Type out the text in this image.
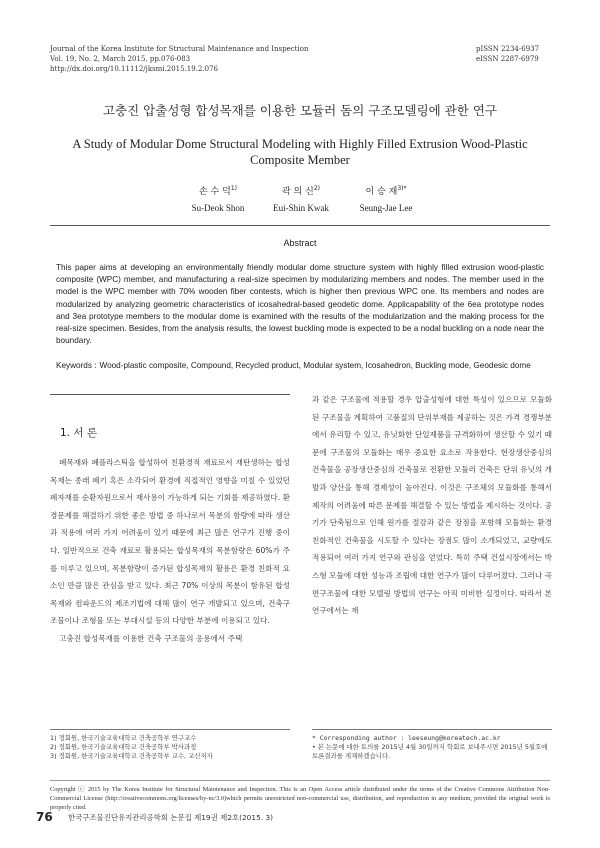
Journal of the Korea Institute for Structural Maintenance and Inspection
Vol. 19, No. 2, March 2015, pp.076-083
http://dx.doi.org/10.11112/jksmi.2015.19.2.076
pISSN 2234-6937
eISSN 2287-6979
고충진 압출성형 합성목재를 이용한 모듈러 돔의 구조모델링에 관한 연구
A Study of Modular Dome Structural Modeling with Highly Filled Extrusion Wood-Plastic Composite Member
손 수 덕$^{1)}$
Su-Deok Shon
곽 의 신$^{2)}$
Eui-Shin Kwak
이 승 재$^{3)*}$
Seung-Jae Lee
Abstract
This paper aims at developing an environmentally friendly modular dome structure system with highly filled extrusion wood-plastic composite (WPC) member, and manufacturing a real-size specimen by modularizing members and nodes. The member used in the model is the WPC member with 70% wooden fiber contests, which is higher then previous WPC one. Its members and nodes are modularized by analyzing geometric characteristics of icosahedral-based geodetic dome. Applicapability of the 6ea prototype nodes and 3ea prototype members to the modular dome is examined with the results of the modularization and the making process for the real-size specimen. Besides, from the analysis results, the lowest buckling mode is expected to be a nodal buckling on a node near the boundary.
Keywords : Wood-plastic composite, Compound, Recycled product, Modular system, Icosahedron, Buckling mode, Geodesic dome
1. 서 론

폐목재와 폐플라스틱을 합성하여 친환경적 재료로서 재탄생하는 합성목재는 종래 폐기 혹은 소각되어 환경에 직접적인 영향을 미칠 수 있었던 폐자재를 순환자원으로서 재사용이 가능하게 되는 기회를 제공하였다. 환경문제를 해결하기 위한 좋은 방법 중 하나로서 목분의 함량에 따라 생산과 적용에 여러 가지 어려움이 있기 때문에 최근 많은 연구가 진행 중이다. 일반적으로 건축 재료로 활용되는 합성목재의 목분함량은 60%가 주를 이루고 있으며, 목분함량이 증가된 합성목재의 활용은 환경 친화적 요소인 만큼 많은 관심을 받고 있다. 최근 70% 이상의 목분이 함유된 합성목재와 컴파운드의 제조기법에 대해 많이 연구 개발되고 있으며, 건축구조물이나 조형물 또는 부대시설 등의 다양한 부분에 이용되고 있다.

고충진 합성목재를 이용한 건축 구조물의 응용에서 주택

과 같은 구조물에 적용할 경우 압출성형에 대한 특성이 있으므로 모듈화 된 구조물을 계획하여 고품질의 단위부재를 제공하는 것은 가격 경쟁부분에서 유리할 수 있고, 유닛화한 단일제품을 규격화하여 생산할 수 있기 때문에 구조물의 모듈화는 매우 중요한 요소로 작용한다. 현장생산중심의 건축물을 공장생산중심의 건축물로 전환한 모듈러 건축은 단위 유닛의 개발과 양산을 통해 경제성이 높아진다. 이것은 구조체의 모듈화를 통해서 제작의 어려움에 따른 문제를 해결할 수 있는 방법을 제시하는 것이다. 공기가 단축됨으로 인해 원가를 절감과 같은 장점을 포함해 모듈화는 환경 친화적인 건축물을 시도할 수 있다는 장점도 많이 소개되었고, 교량에도 적용되어 여러 가지 연구와 관심을 얻었다. 특히 주택 건설시장에서는 박스형 모듈에 대한 성능과 조립에 대한 연구가 많이 다루어졌다. 그러나 곡면구조물에 대한 모델링 방법의 연구는 아직 미비한 실정이다. 따라서 본 연구에서는 재

1) 정회원, 한국기술교육대학교 건축공학부 연구교수
2) 정회원, 한국기술교육대학교 건축공학부 박사과정
3) 정회원, 한국기술교육대학교 건축공학부 교수, 교신저자
* Corresponding author : leeseung@koreatech.ac.kr
• 본 논문에 대한 토의를 2015년 4월 30일까지 학회로 보내주시면 2015년 5월호에 토론결과를 게재하겠습니다.
Copyright ⓒ 2015 by The Korea Institute for Structural Maintenance and Inspection. This is an Open Access article distributed under the terms of the Creative Commons Attribution Non-Commercial License (http://creativecommons.org/licenses/by-nc/3.0)which permits unrestricted non-commercial use, distribution, and reproduction in any medium, provided the original work is properly cited.
76 한국구조물진단유지관리공학회 논문집 제19권 제2호(2015. 3)
